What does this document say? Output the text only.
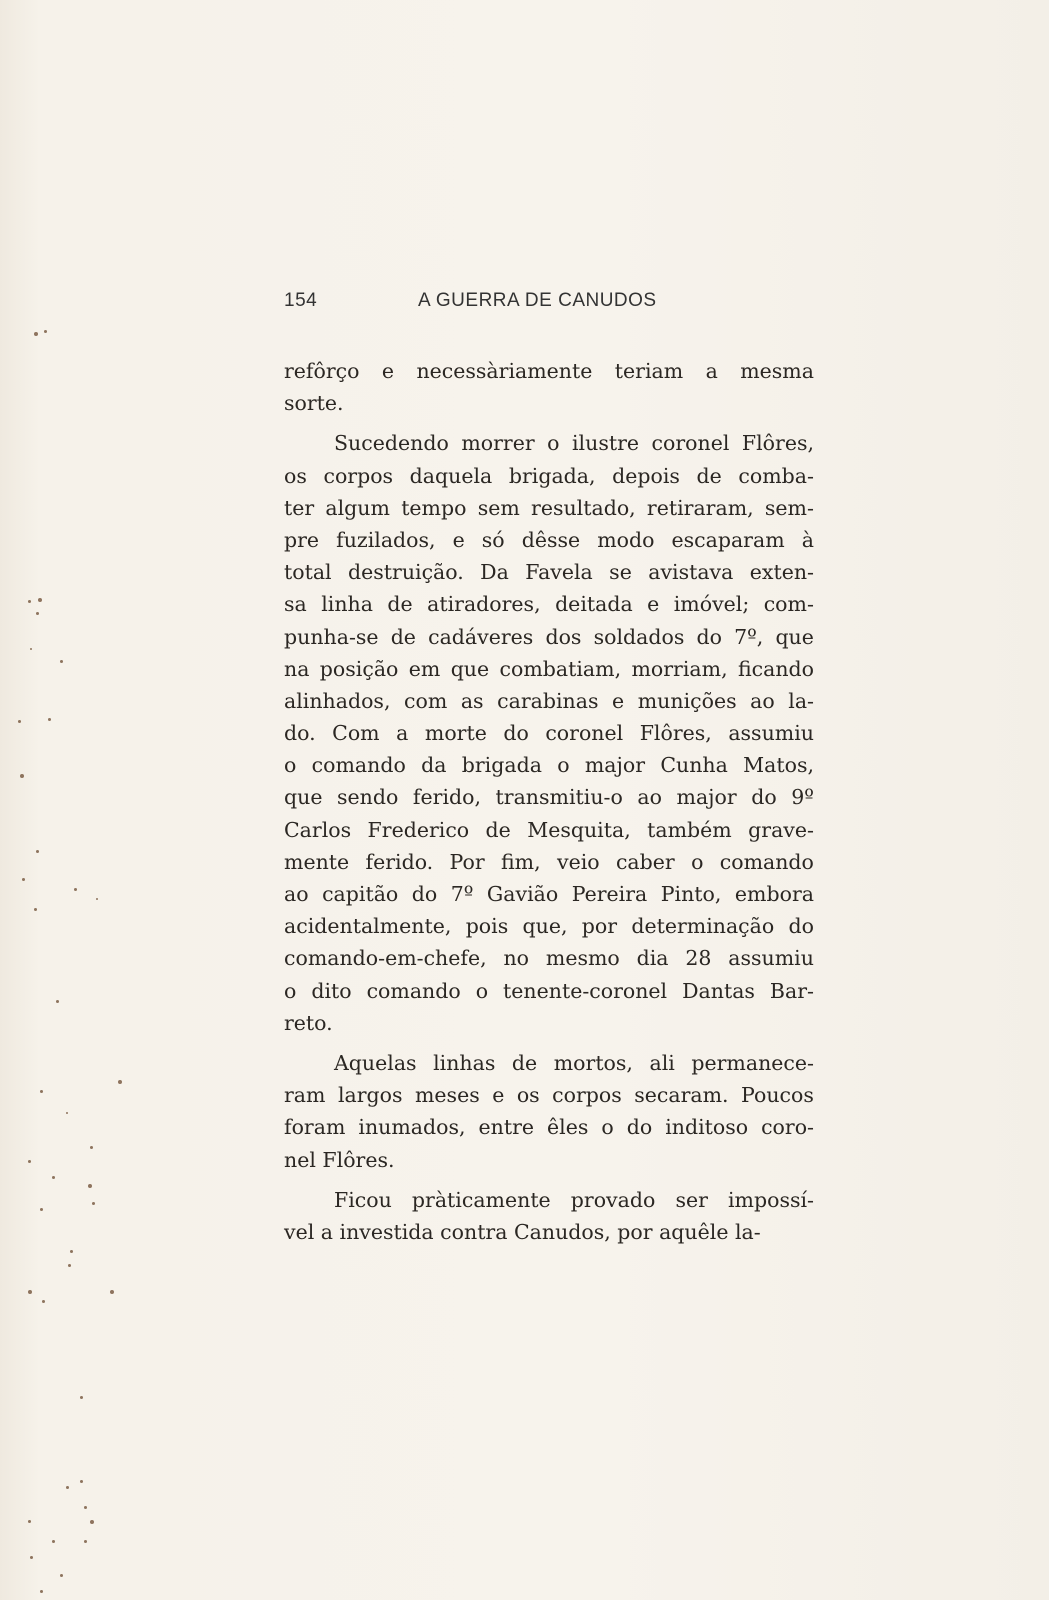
154	A GUERRA DE CANUDOS
refôrço e necessàriamente teriam a mesma
sorte.
Sucedendo morrer o ilustre coronel Flôres,
os corpos daquela brigada, depois de comba-
ter algum tempo sem resultado, retiraram, sem-
pre fuzilados, e só dêsse modo escaparam à
total destruição. Da Favela se avistava exten-
sa linha de atiradores, deitada e imóvel; com-
punha-se de cadáveres dos soldados do 7º, que
na posição em que combatiam, morriam, ficando
alinhados, com as carabinas e munições ao la-
do. Com a morte do coronel Flôres, assumiu
o comando da brigada o major Cunha Matos,
que sendo ferido, transmitiu-o ao major do 9º
Carlos Frederico de Mesquita, também grave-
mente ferido. Por fim, veio caber o comando
ao capitão do 7º Gavião Pereira Pinto, embora
acidentalmente, pois que, por determinação do
comando-em-chefe, no mesmo dia 28 assumiu
o dito comando o tenente-coronel Dantas Bar-
reto.
Aquelas linhas de mortos, ali permanece-
ram largos meses e os corpos secaram. Poucos
foram inumados, entre êles o do inditoso coro-
nel Flôres.
Ficou pràticamente provado ser impossí-
vel a investida contra Canudos, por aquêle la-
